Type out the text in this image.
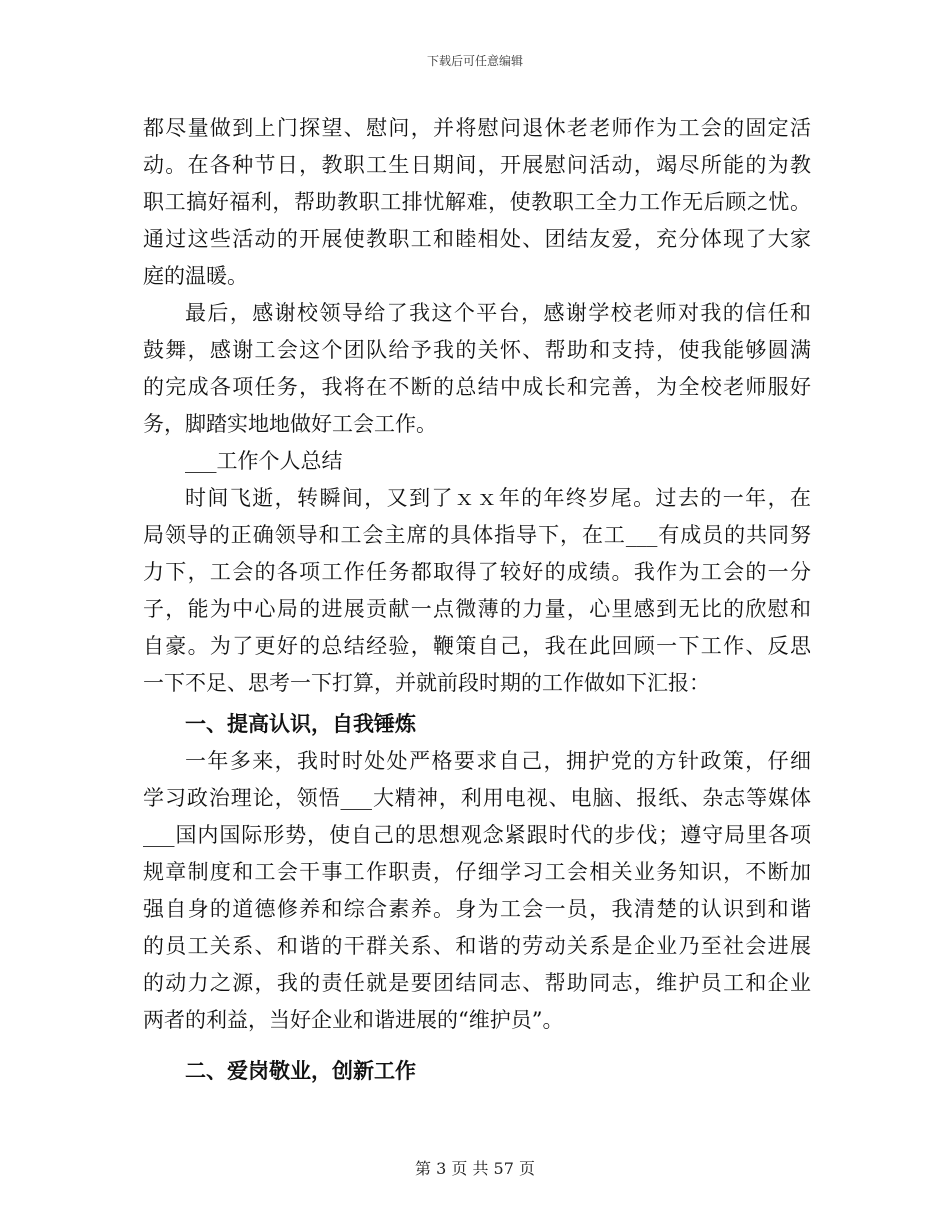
下载后可任意编辑
都尽量做到上门探望、慰问，并将慰问退休老老师作为工会的固定活
动。在各种节日，教职工生日期间，开展慰问活动，竭尽所能的为教
职工搞好福利，帮助教职工排忧解难，使教职工全力工作无后顾之忧。
通过这些活动的开展使教职工和睦相处、团结友爱，充分体现了大家
庭的温暖。
最后，感谢校领导给了我这个平台，感谢学校老师对我的信任和
鼓舞，感谢工会这个团队给予我的关怀、帮助和支持，使我能够圆满
的完成各项任务，我将在不断的总结中成长和完善，为全校老师服好
务，脚踏实地地做好工会工作。
___工作个人总结
时间飞逝，转瞬间，又到了ｘｘ年的年终岁尾。过去的一年，在
局领导的正确领导和工会主席的具体指导下，在工___有成员的共同努
力下，工会的各项工作任务都取得了较好的成绩。我作为工会的一分
子，能为中心局的进展贡献一点微薄的力量，心里感到无比的欣慰和
自豪。为了更好的总结经验，鞭策自己，我在此回顾一下工作、反思
一下不足、思考一下打算，并就前段时期的工作做如下汇报：
一、提高认识，自我锤炼
一年多来，我时时处处严格要求自己，拥护党的方针政策，仔细
学习政治理论，领悟___大精神，利用电视、电脑、报纸、杂志等媒体
___国内国际形势，使自己的思想观念紧跟时代的步伐；遵守局里各项
规章制度和工会干事工作职责，仔细学习工会相关业务知识，不断加
强自身的道德修养和综合素养。身为工会一员，我清楚的认识到和谐
的员工关系、和谐的干群关系、和谐的劳动关系是企业乃至社会进展
的动力之源，我的责任就是要团结同志、帮助同志，维护员工和企业
两者的利益，当好企业和谐进展的“维护员”。
二、爱岗敬业，创新工作
第 3 页 共 57 页
